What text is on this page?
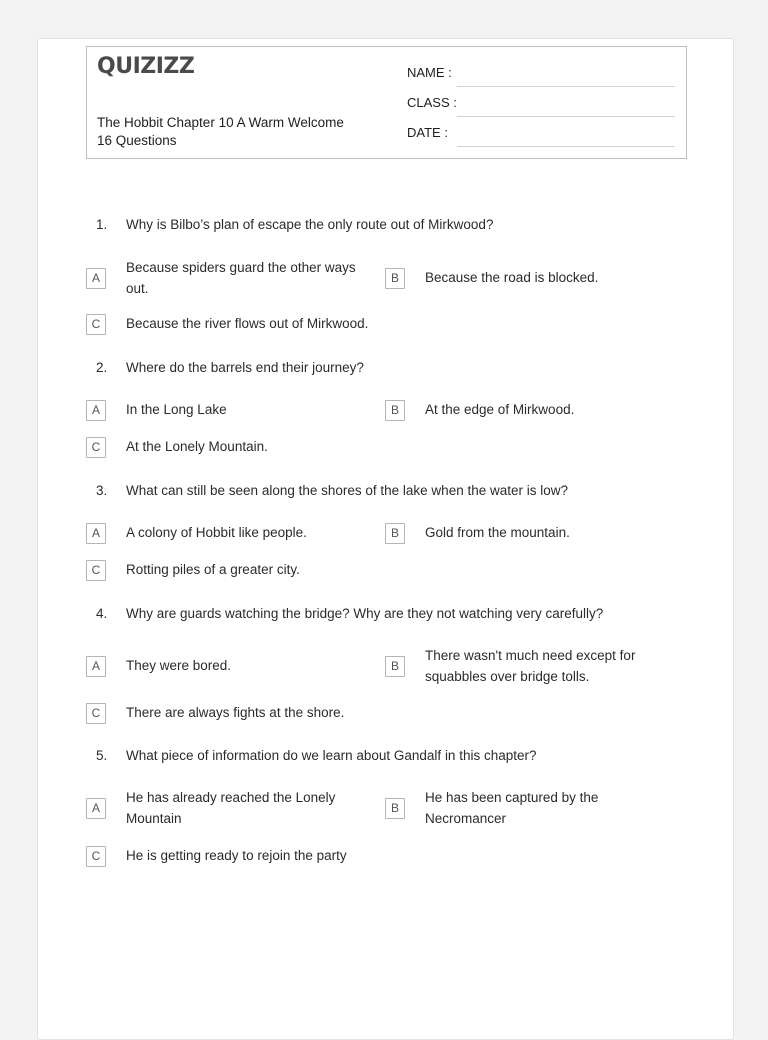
QUIZIZZ
The Hobbit Chapter 10 A Warm Welcome
16 Questions
NAME :
CLASS :
DATE :
1. Why is Bilbo’s plan of escape the only route out of Mirkwood?
A
Because spiders guard the other ways out.
B	Because the road is blocked.
C	Because the river flows out of Mirkwood.
2. Where do the barrels end their journey?
A	In the Long Lake	B	At the edge of Mirkwood.
C	At the Lonely Mountain.
3. What can still be seen along the shores of the lake when the water is low?
A	A colony of Hobbit like people.	B	Gold from the mountain.
C	Rotting piles of a greater city.
4. Why are guards watching the bridge? Why are they not watching very carefully?
A	They were bored.	B
There wasn't much need except for squabbles over bridge tolls.
C	There are always fights at the shore.
5. What piece of information do we learn about Gandalf in this chapter?
A
He has already reached the Lonely Mountain
B
He has been captured by the Necromancer
C	He is getting ready to rejoin the party
